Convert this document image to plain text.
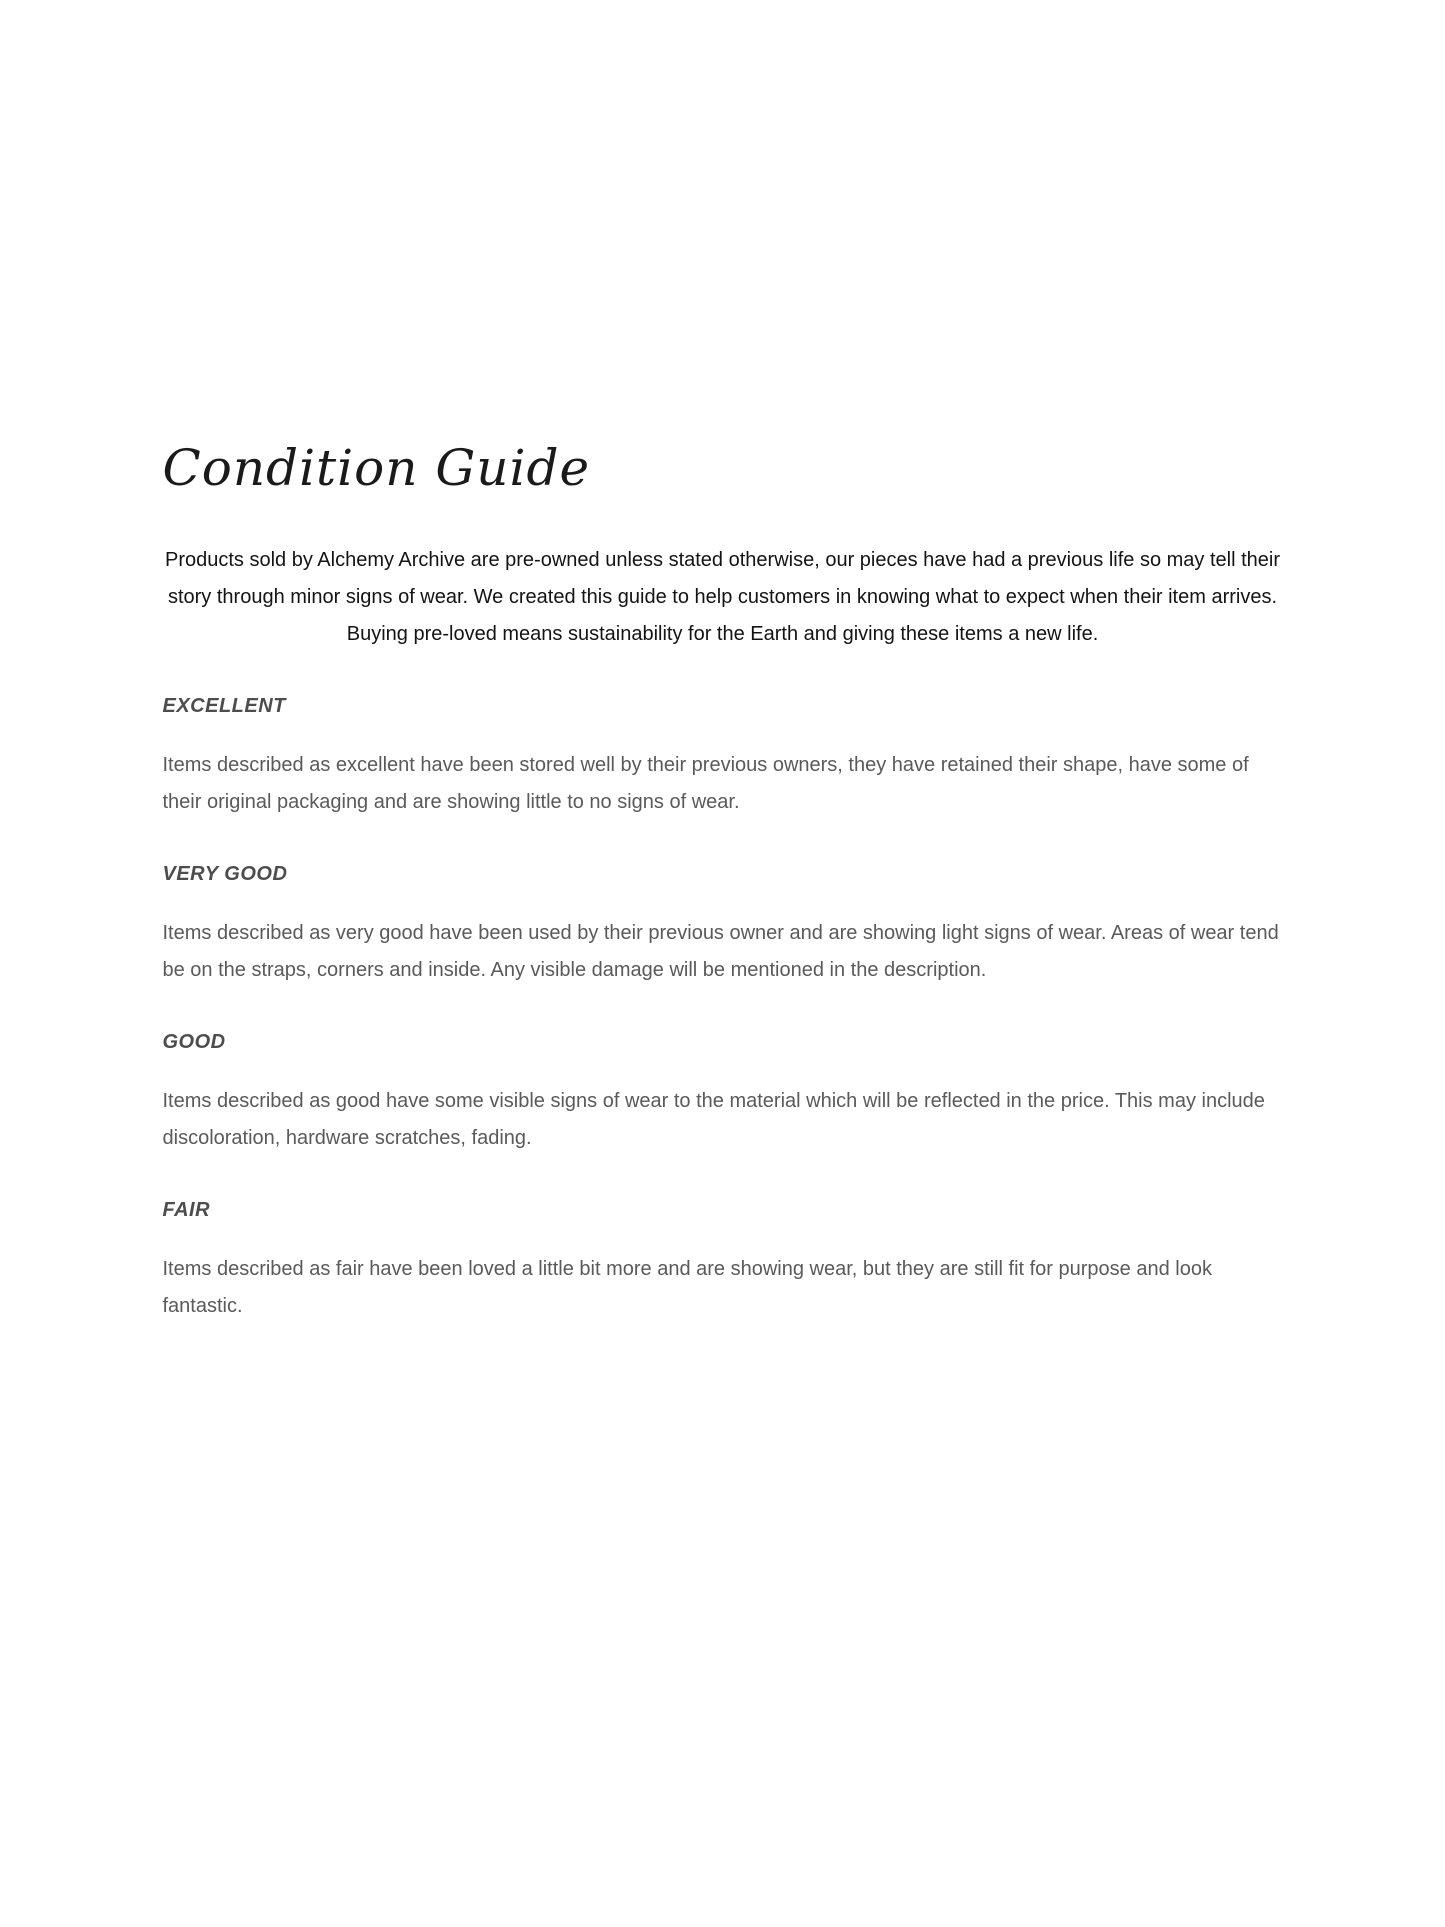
Condition Guide

Products sold by Alchemy Archive are pre-owned unless stated otherwise, our pieces have had a previous life so may tell their story through minor signs of wear. We created this guide to help customers in knowing what to expect when their item arrives. Buying pre-loved means sustainability for the Earth and giving these items a new life.

EXCELLENT

Items described as excellent have been stored well by their previous owners, they have retained their shape, have some of their original packaging and are showing little to no signs of wear.

VERY GOOD

Items described as very good have been used by their previous owner and are showing light signs of wear. Areas of wear tend be on the straps, corners and inside. Any visible damage will be mentioned in the description.

GOOD

Items described as good have some visible signs of wear to the material which will be reflected in the price. This may include discoloration, hardware scratches, fading.

FAIR

Items described as fair have been loved a little bit more and are showing wear, but they are still fit for purpose and look fantastic.
